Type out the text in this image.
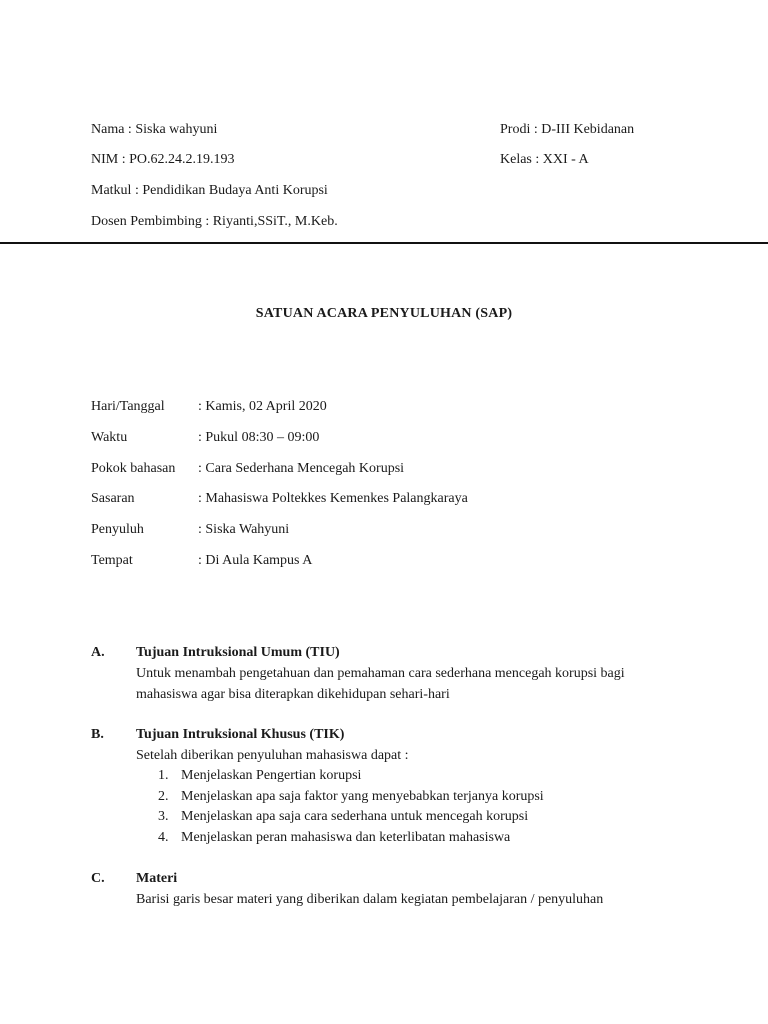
Nama : Siska wahyuni
NIM : PO.62.24.2.19.193
Matkul : Pendidikan Budaya Anti Korupsi
Dosen Pembimbing : Riyanti,SSiT., M.Keb.
Prodi : D-III Kebidanan
Kelas : XXI - A
SATUAN ACARA PENYULUHAN (SAP)
Hari/Tanggal : Kamis, 02 April 2020
Waktu	: Pukul 08:30 – 09:00
Pokok bahasan : Cara Sederhana Mencegah Korupsi
Sasaran	: Mahasiswa Poltekkes Kemenkes Palangkaraya
Penyuluh	: Siska Wahyuni
Tempat	: Di Aula Kampus A
A. Tujuan Intruksional Umum (TIU)
Untuk menambah pengetahuan dan pemahaman cara sederhana mencegah korupsi bagi
mahasiswa agar bisa diterapkan dikehidupan sehari-hari
B. Tujuan Intruksional Khusus (TIK)
Setelah diberikan penyuluhan mahasiswa dapat :
1. Menjelaskan Pengertian korupsi
2. Menjelaskan apa saja faktor yang menyebabkan terjanya korupsi
3. Menjelaskan apa saja cara sederhana untuk mencegah korupsi
4. Menjelaskan peran mahasiswa dan keterlibatan mahasiswa
C. Materi
Barisi garis besar materi yang diberikan dalam kegiatan pembelajaran / penyuluhan
